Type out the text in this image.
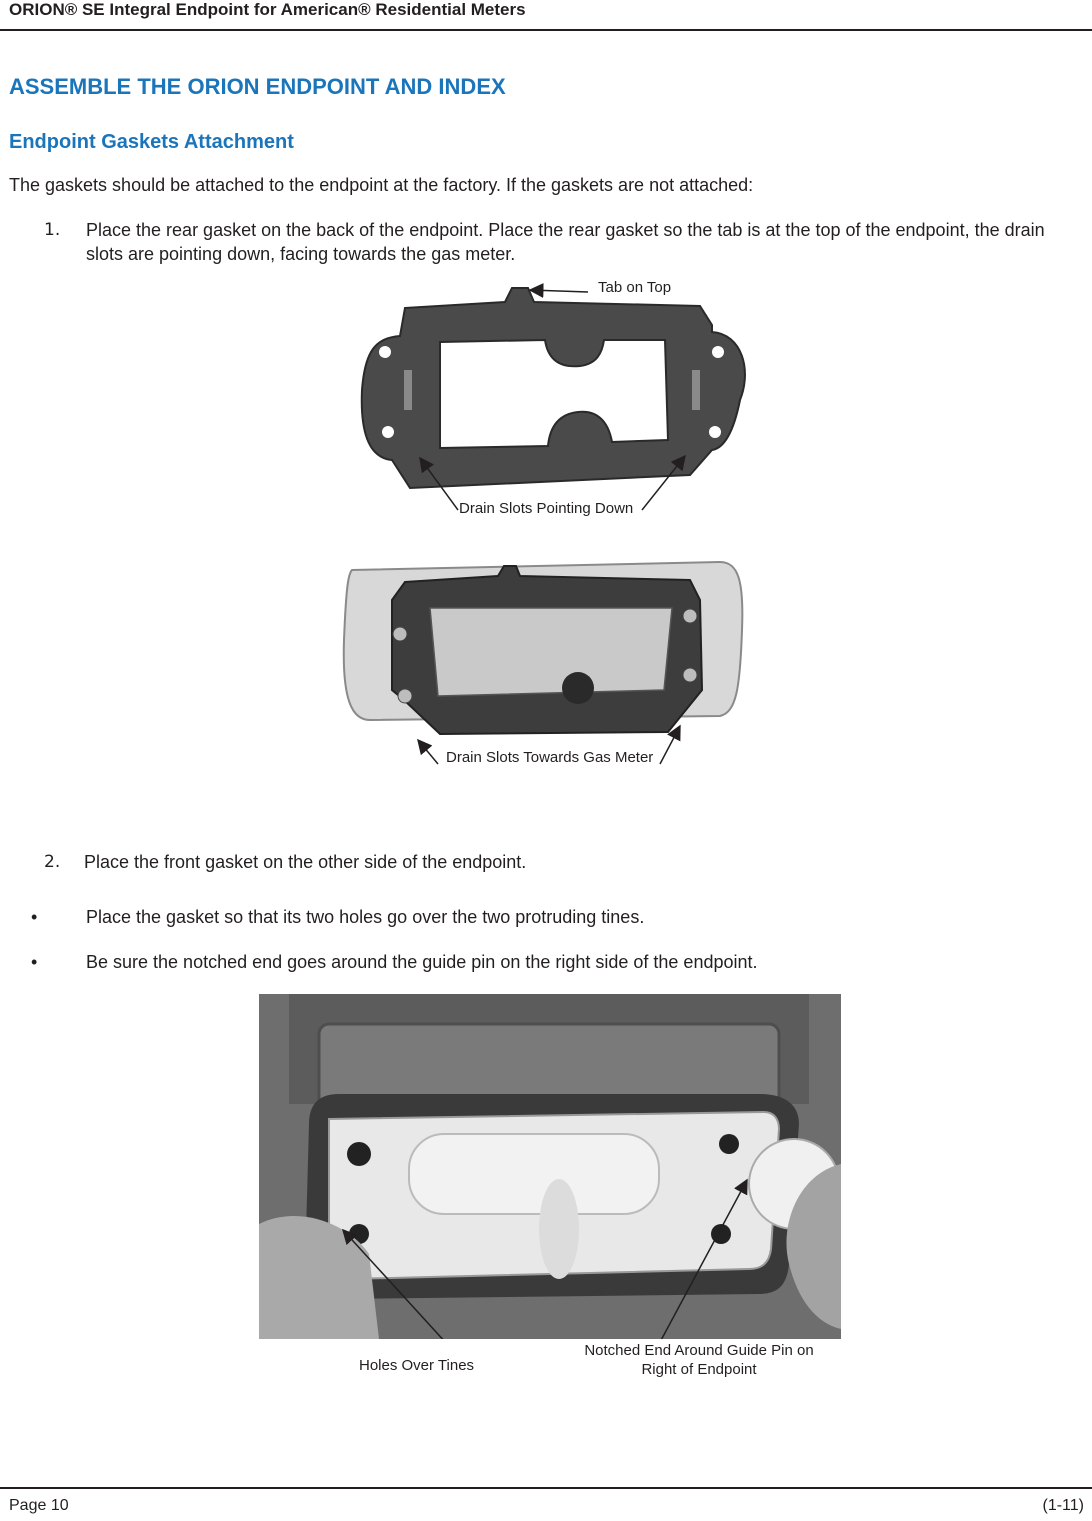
ORION® SE Integral Endpoint for American® Residential Meters
ASSEMBLE THE ORION ENDPOINT AND INDEX
Endpoint Gaskets Attachment
The gaskets should be attached to the endpoint at the factory. If the gaskets are not attached:
1. Place the rear gasket on the back of the endpoint. Place the rear gasket so the tab is at the top of the endpoint, the drain slots are pointing down, facing towards the gas meter.
Tab on Top
Drain Slots Pointing Down
Drain Slots Towards Gas Meter
2. Place the front gasket on the other side of the endpoint.
•	Place the gasket so that its two holes go over the two protruding tines.
•	Be sure the notched end goes around the guide pin on the right side of the endpoint.
Holes Over Tines
Notched End Around Guide Pin on Right of Endpoint
Page 10	(1-11)
